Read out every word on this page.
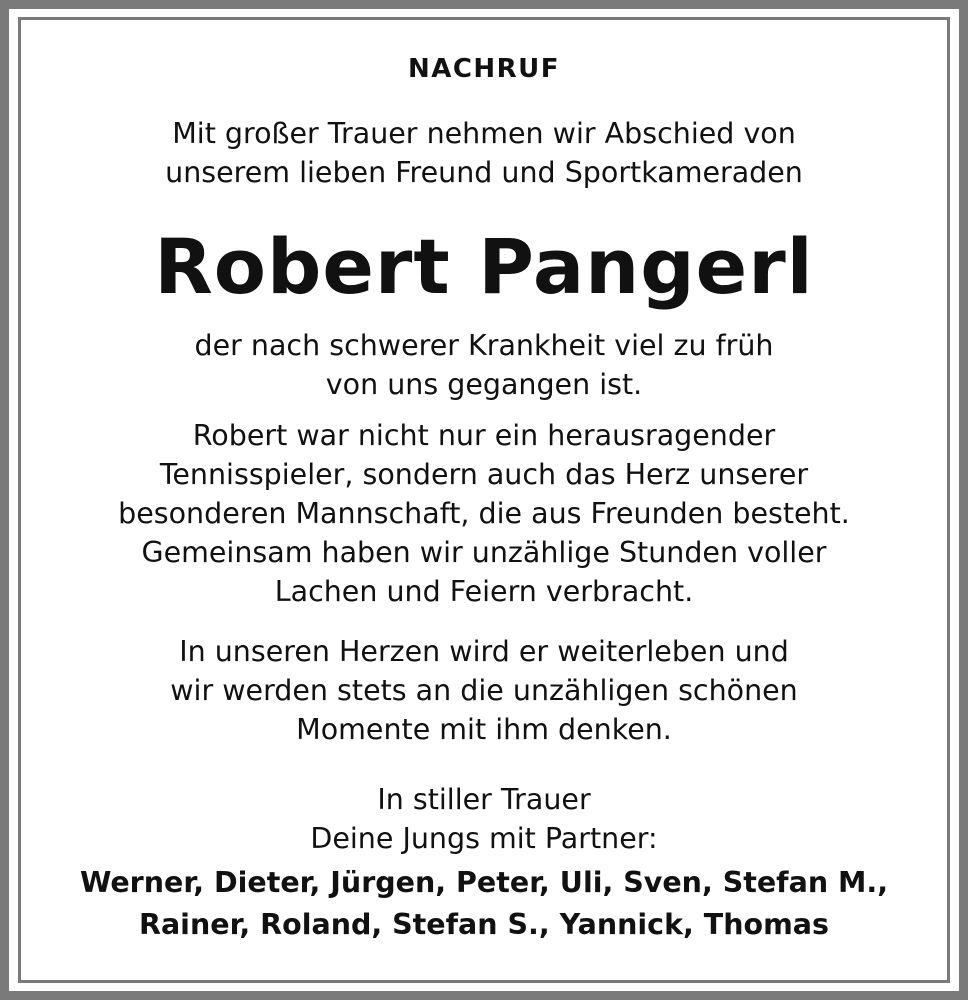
NACHRUF
Mit großer Trauer nehmen wir Abschied von
unserem lieben Freund und Sportkameraden
Robert Pangerl
der nach schwerer Krankheit viel zu früh
von uns gegangen ist.
Robert war nicht nur ein herausragender
Tennisspieler, sondern auch das Herz unserer
besonderen Mannschaft, die aus Freunden besteht.
Gemeinsam haben wir unzählige Stunden voller
Lachen und Feiern verbracht.
In unseren Herzen wird er weiterleben und
wir werden stets an die unzähligen schönen
Momente mit ihm denken.
In stiller Trauer
Deine Jungs mit Partner:
Werner, Dieter, Jürgen, Peter, Uli, Sven, Stefan M.,
Rainer, Roland, Stefan S., Yannick, Thomas
